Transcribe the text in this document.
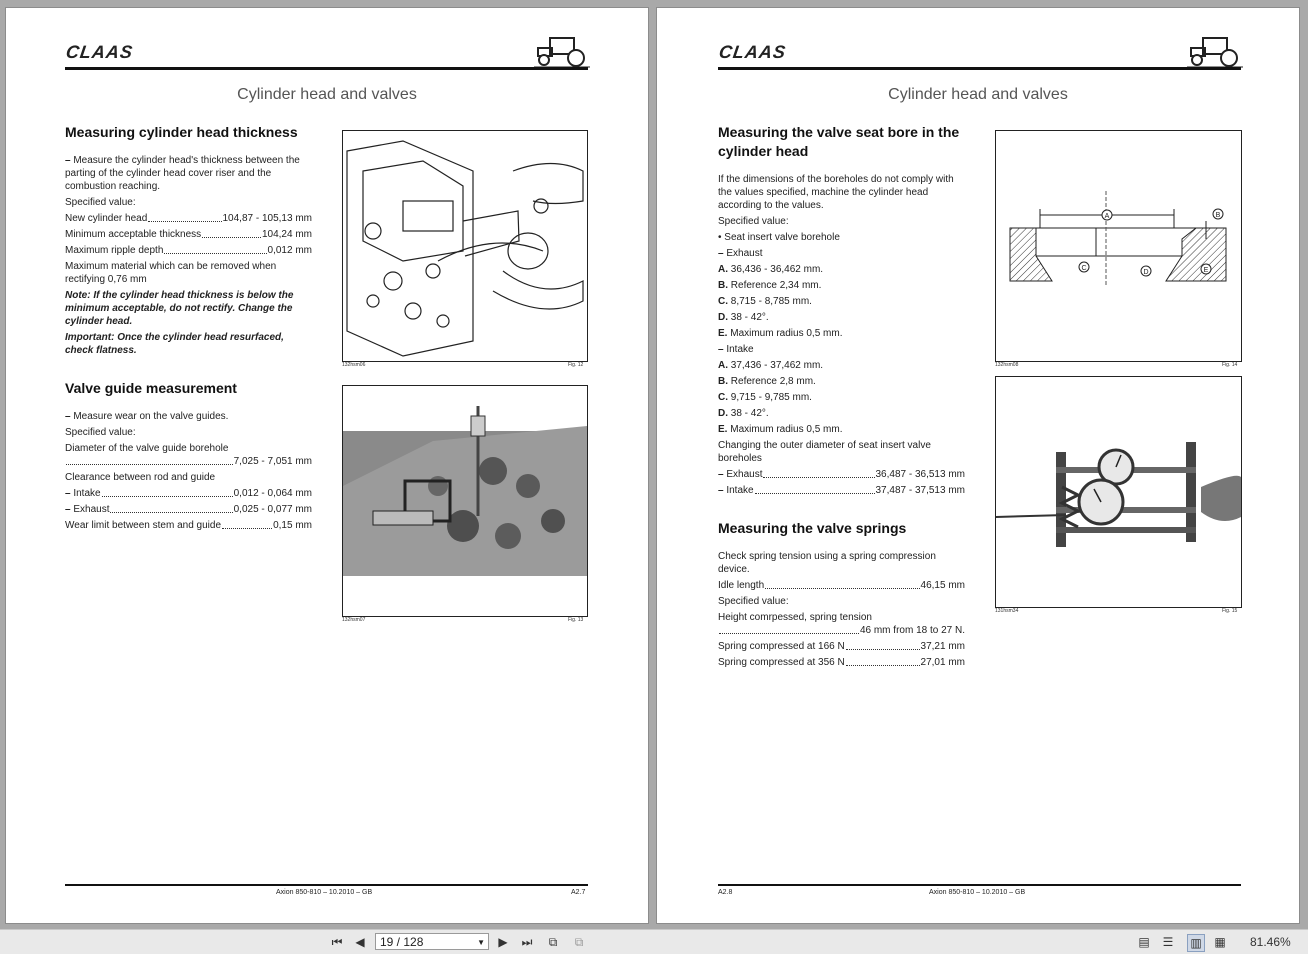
CLAAS
Cylinder head and valves
Measuring cylinder head thickness

– Measure the cylinder head's thickness between the parting of the cylinder head cover riser and the combustion reaching.

Specified value:

New cylinder head	104,87 - 105,13 mm
Minimum acceptable thickness	104,24 mm
Maximum ripple depth	0,012 mm

Maximum material which can be removed when rectifying 0,76 mm

Note: If the cylinder head thickness is below the minimum acceptable, do not rectify. Change the cylinder head.

Important: Once the cylinder head resurfaced, check flatness.

Valve guide measurement

– Measure wear on the valve guides.

Specified value:

Diameter of the valve guide borehole

7,025 - 7,051 mm

Clearance between rod and guide

– Intake	0,012 - 0,064 mm
– Exhaust	0,025 - 0,077 mm
Wear limit between stem and guide	0,15 mm
132hsm06	Fig. 12
132hsm07	Fig. 13
Axion 850-810 – 10.2010 – GB	A2.7
CLAAS
Cylinder head and valves
Measuring the valve seat bore in the cylinder head

If the dimensions of the boreholes do not comply with the values specified, machine the cylinder head according to the values.

Specified value:

• Seat insert valve borehole

– Exhaust

A. 36,436 - 36,462 mm.

B. Reference 2,34 mm.

C. 8,715 - 8,785 mm.

D. 38 - 42°.

E. Maximum radius 0,5 mm.

– Intake

A. 37,436 - 37,462 mm.

B. Reference 2,8 mm.

C. 9,715 - 9,785 mm.

D. 38 - 42°.

E. Maximum radius 0,5 mm.

Changing the outer diameter of seat insert valve boreholes

– Exhaust	36,487 - 36,513 mm
– Intake	37,487 - 37,513 mm
Measuring the valve springs

Check spring tension using a spring compression device.

Idle length	46,15 mm

Specified value:

Height comrpessed, spring tension

46 mm from 18 to 27 N.
Spring compressed at 166 N	37,21 mm
Spring compressed at 356 N	27,01 mm
A	B
C
D	E
132hsm08	Fig. 14
131hsm34	Fig. 15
A2.8	Axion 850-810 – 10.2010 – GB
⏮ ◀	19 / 128	▼ ▶ ⏭	⧉	⧉	▤ ☰ ▥ ▦ 81.46%
